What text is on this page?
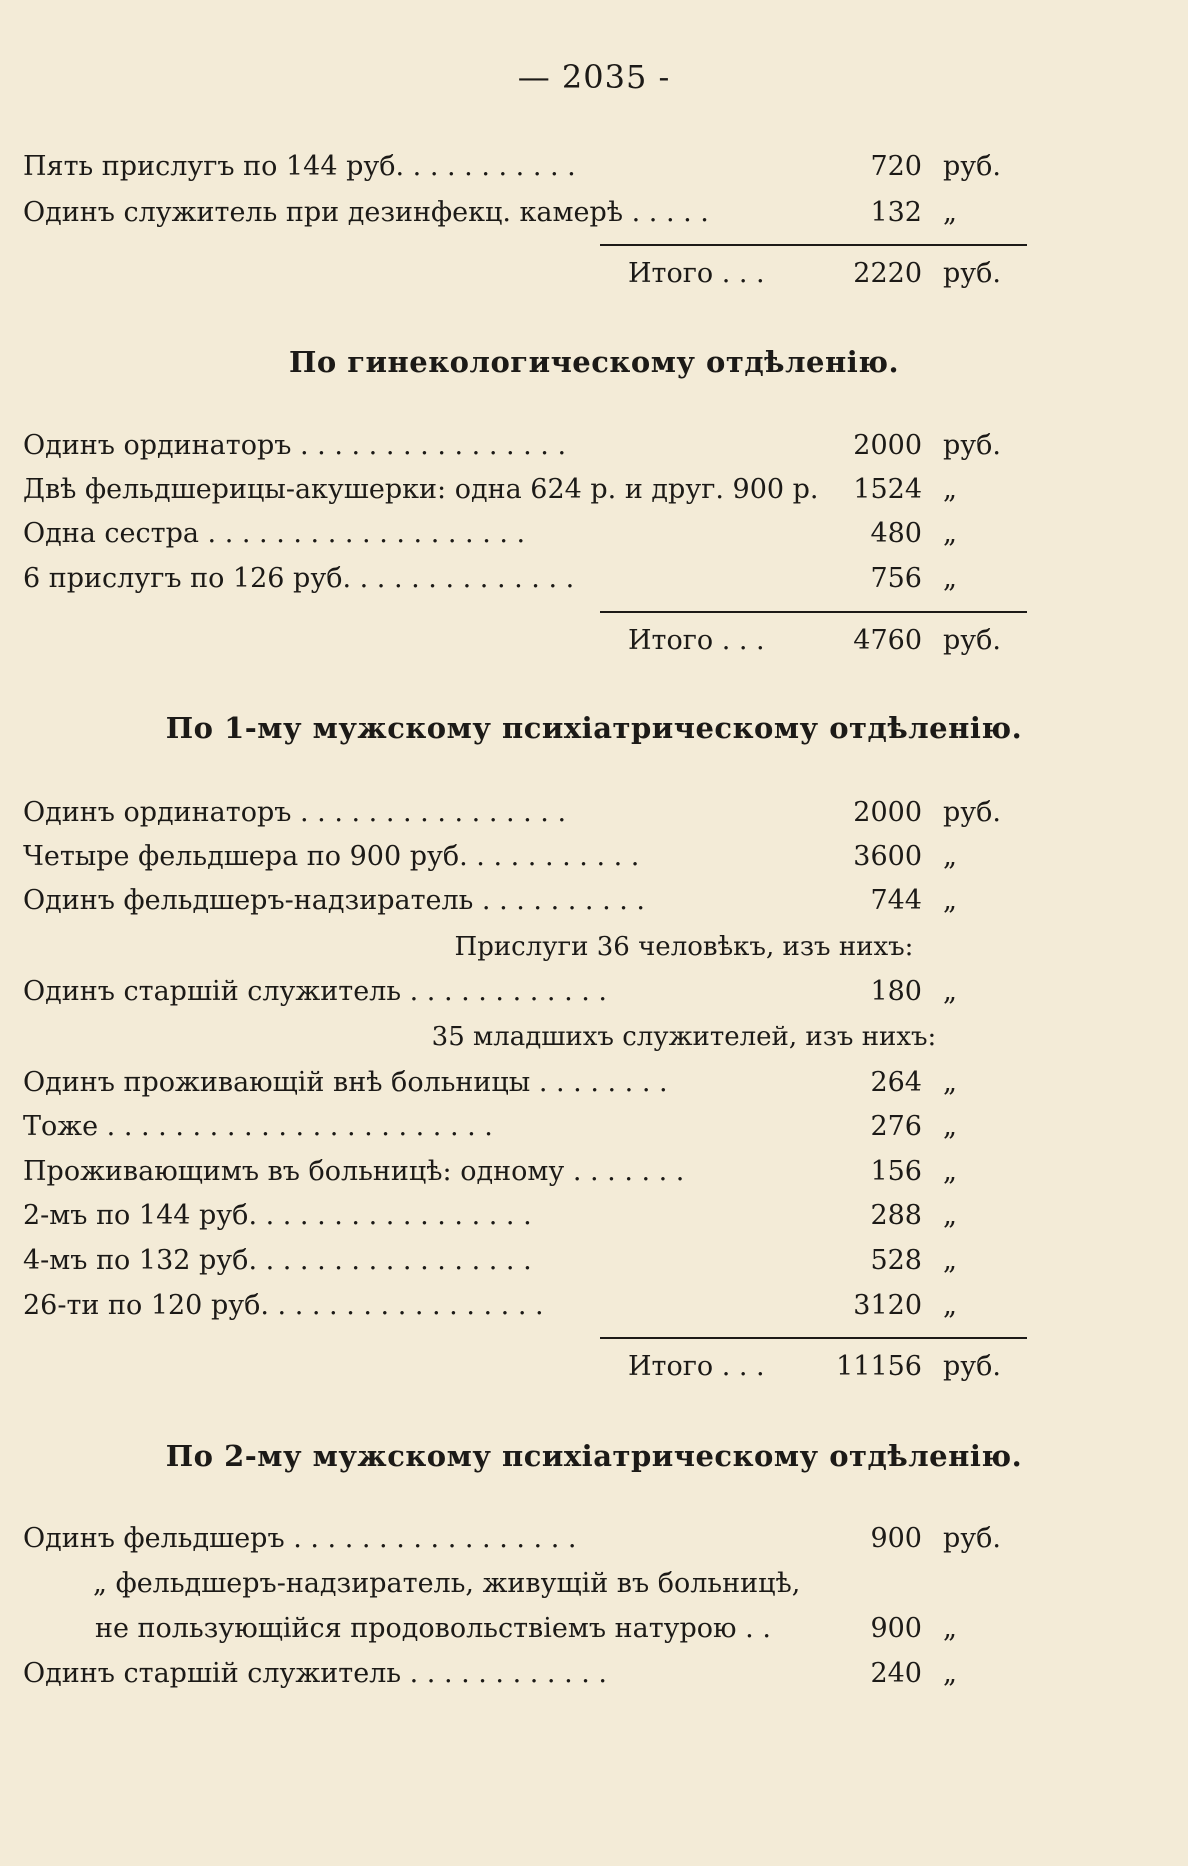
— 2035 -
Пять прислугъ по 144 руб. . . . . . . . . . .	720 руб.
Одинъ служитель при дезинфекц. камерѣ . . . . .	132 „
Итого . . .	2220 руб.
По гинекологическому отдѣленію.
Одинъ ординаторъ . . . . . . . . . . . . . . . .	2000 руб.
Двѣ фельдшерицы-акушерки: одна 624 р. и друг. 900 р. 1524 „
Одна сестра . . . . . . . . . . . . . . . . . . .	480 „
6 прислугъ по 126 руб. . . . . . . . . . . . . .	756 „
Итого . . .	4760 руб.
По 1-му мужскому психіатрическому отдѣленію.
Одинъ ординаторъ . . . . . . . . . . . . . . . .	2000 руб.
Четыре фельдшера по 900 руб. . . . . . . . . . .	3600 „
Одинъ фельдшеръ-надзиратель . . . . . . . . . .	744 „
Прислуги 36 человѣкъ, изъ нихъ:
Одинъ старшій служитель . . . . . . . . . . . .	180 „
35 младшихъ служителей, изъ нихъ:
Одинъ проживающій внѣ больницы . . . . . . . .	264 „
Тоже . . . . . . . . . . . . . . . . . . . . . . .	276 „
Проживающимъ въ больницѣ: одному . . . . . . .	156 „
2-мъ по 144 руб. . . . . . . . . . . . . . . . .	288 „
4-мъ по 132 руб. . . . . . . . . . . . . . . . .	528 „
26-ти по 120 руб. . . . . . . . . . . . . . . . .	3120 „
Итого . . .	11156 руб.
По 2-му мужскому психіатрическому отдѣленію.
Одинъ фельдшеръ . . . . . . . . . . . . . . . . .	900 руб.
„ фельдшеръ-надзиратель, живущій въ больницѣ,
не пользующійся продовольствіемъ натурою . .	900 „
Одинъ старшій служитель . . . . . . . . . . . .	240 „
